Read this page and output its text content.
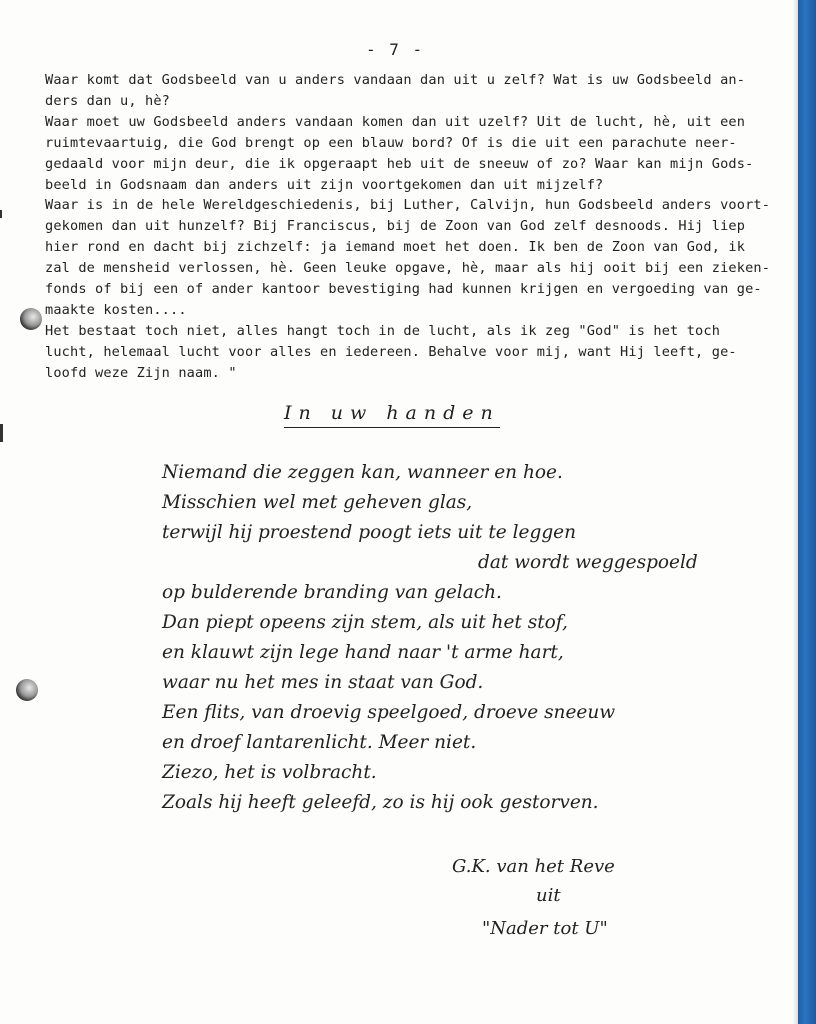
- 7 -
Waar komt dat Godsbeeld van u anders vandaan dan uit u zelf? Wat is uw Godsbeeld an-
ders dan u, hè?
Waar moet uw Godsbeeld anders vandaan komen dan uit uzelf? Uit de lucht, hè, uit een
ruimtevaartuig, die God brengt op een blauw bord? Of is die uit een parachute neer-
gedaald voor mijn deur, die ik opgeraapt heb uit de sneeuw of zo? Waar kan mijn Gods-
beeld in Godsnaam dan anders uit zijn voortgekomen dan uit mijzelf?
Waar is in de hele Wereldgeschiedenis, bij Luther, Calvijn, hun Godsbeeld anders voort-
gekomen dan uit hunzelf? Bij Franciscus, bij de Zoon van God zelf desnoods. Hij liep
hier rond en dacht bij zichzelf: ja iemand moet het doen. Ik ben de Zoon van God, ik
zal de mensheid verlossen, hè. Geen leuke opgave, hè, maar als hij ooit bij een zieken-
fonds of bij een of ander kantoor bevestiging had kunnen krijgen en vergoeding van ge-
maakte kosten....
Het bestaat toch niet, alles hangt toch in de lucht, als ik zeg "God" is het toch
lucht, helemaal lucht voor alles en iedereen. Behalve voor mij, want Hij leeft, ge-
loofd weze Zijn naam. "
In uw handen
Niemand die zeggen kan, wanneer en hoe.
Misschien wel met geheven glas,
terwijl hij proestend poogt iets uit te leggen
dat wordt weggespoeld
op bulderende branding van gelach.
Dan piept opeens zijn stem, als uit het stof,
en klauwt zijn lege hand naar 't arme hart,
waar nu het mes in staat van God.
Een flits, van droevig speelgoed, droeve sneeuw
en droef lantarenlicht. Meer niet.
Ziezo, het is volbracht.
Zoals hij heeft geleefd, zo is hij ook gestorven.
G.K. van het Reve
uit
"Nader tot U"
